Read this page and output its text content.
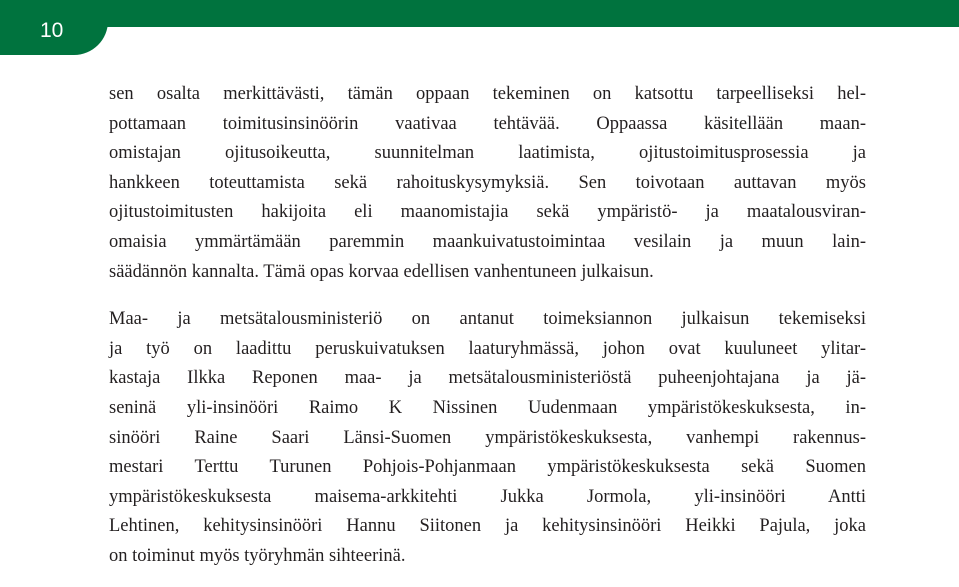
10
sen osalta merkittävästi, tämän oppaan tekeminen on katsottu tarpeelliseksi hel-
pottamaan toimitusinsinöörin vaativaa tehtävää. Oppaassa käsitellään maan-
omistajan ojitusoikeutta, suunnitelman laatimista, ojitustoimitusprosessia ja
hankkeen toteuttamista sekä rahoituskysymyksiä. Sen toivotaan auttavan myös
ojitustoimitusten hakijoita eli maanomistajia sekä ympäristö- ja maatalousviran-
omaisia ymmärtämään paremmin maankuivatustoimintaa vesilain ja muun lain-
säädännön kannalta. Tämä opas korvaa edellisen vanhentuneen julkaisun.
Maa- ja metsätalousministeriö on antanut toimeksiannon julkaisun tekemiseksi
ja työ on laadittu peruskuivatuksen laaturyhmässä, johon ovat kuuluneet ylitar-
kastaja Ilkka Reponen maa- ja metsätalousministeriöstä puheenjohtajana ja jä-
seninä yli-insinööri Raimo K Nissinen Uudenmaan ympäristökeskuksesta, in-
sinööri Raine Saari Länsi-Suomen ympäristökeskuksesta, vanhempi rakennus-
mestari Terttu Turunen Pohjois-Pohjanmaan ympäristökeskuksesta sekä Suomen
ympäristökeskuksesta maisema-arkkitehti Jukka Jormola, yli-insinööri Antti
Lehtinen, kehitysinsinööri Hannu Siitonen ja kehitysinsinööri Heikki Pajula, joka
on toiminut myös työryhmän sihteerinä.
